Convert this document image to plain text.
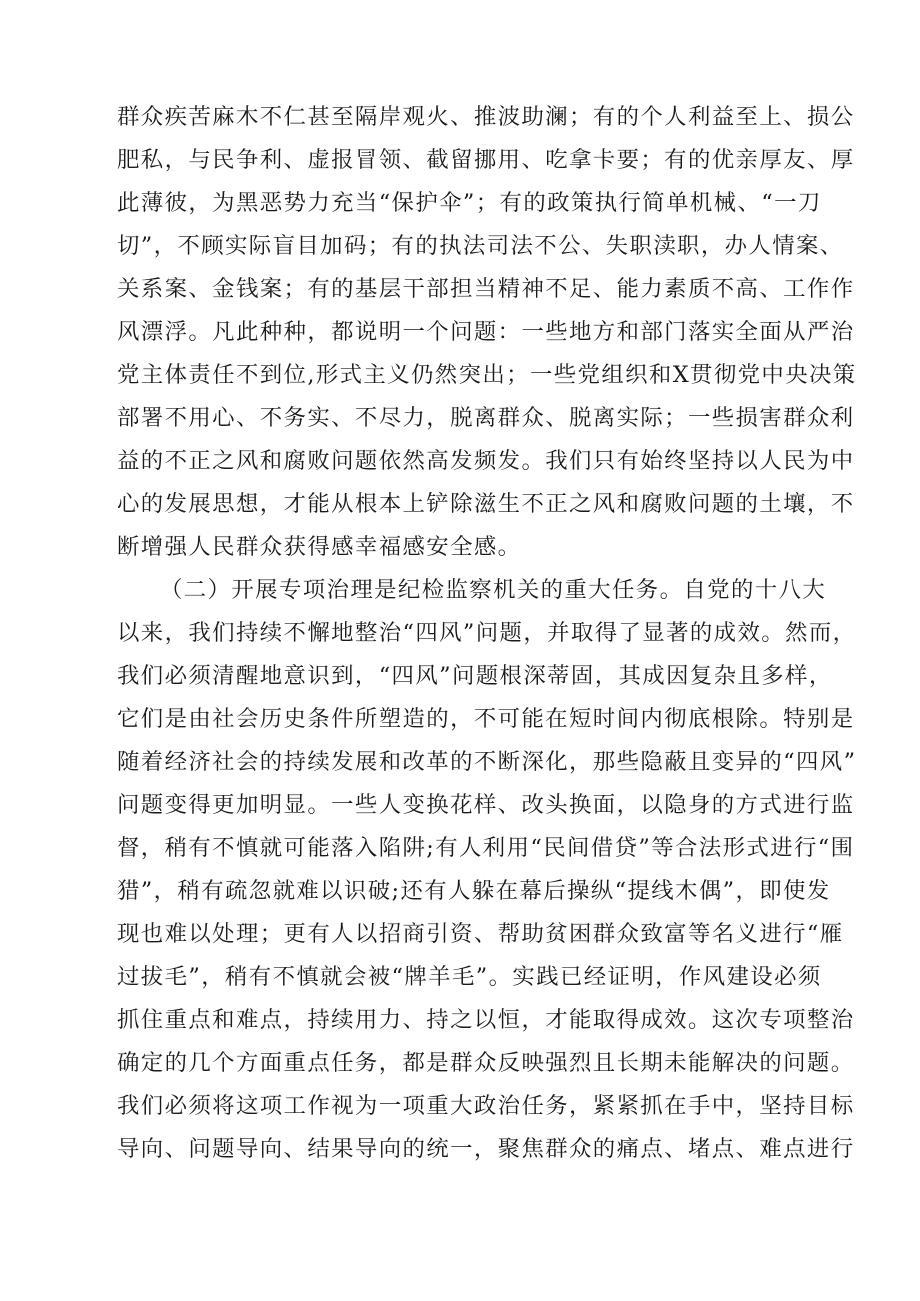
群众疾苦麻木不仁甚至隔岸观火、推波助澜；有的个人利益至上、损公
肥私，与民争利、虚报冒领、截留挪用、吃拿卡要；有的优亲厚友、厚
此薄彼，为黑恶势力充当“保护伞”；有的政策执行简单机械、“一刀
切”，不顾实际盲目加码；有的执法司法不公、失职渎职，办人情案、
关系案、金钱案；有的基层干部担当精神不足、能力素质不高、工作作
风漂浮。凡此种种，都说明一个问题：一些地方和部门落实全面从严治
党主体责任不到位,形式主义仍然突出；一些党组织和X贯彻党中央决策
部署不用心、不务实、不尽力，脱离群众、脱离实际；一些损害群众利
益的不正之风和腐败问题依然高发频发。我们只有始终坚持以人民为中
心的发展思想，才能从根本上铲除滋生不正之风和腐败问题的土壤，不
断增强人民群众获得感幸福感安全感。
（二）开展专项治理是纪检监察机关的重大任务。自党的十八大
以来，我们持续不懈地整治“四风”问题，并取得了显著的成效。然而，
我们必须清醒地意识到，“四风”问题根深蒂固，其成因复杂且多样，
它们是由社会历史条件所塑造的，不可能在短时间内彻底根除。特别是
随着经济社会的持续发展和改革的不断深化，那些隐蔽且变异的“四风”
问题变得更加明显。一些人变换花样、改头换面，以隐身的方式进行监
督，稍有不慎就可能落入陷阱;有人利用“民间借贷”等合法形式进行“围
猎”，稍有疏忽就难以识破;还有人躲在幕后操纵“提线木偶”，即使发
现也难以处理；更有人以招商引资、帮助贫困群众致富等名义进行“雁
过拔毛”，稍有不慎就会被“牌羊毛”。实践已经证明，作风建设必须
抓住重点和难点，持续用力、持之以恒，才能取得成效。这次专项整治
确定的几个方面重点任务，都是群众反映强烈且长期未能解决的问题。
我们必须将这项工作视为一项重大政治任务，紧紧抓在手中，坚持目标
导向、问题导向、结果导向的统一，聚焦群众的痛点、堵点、难点进行
